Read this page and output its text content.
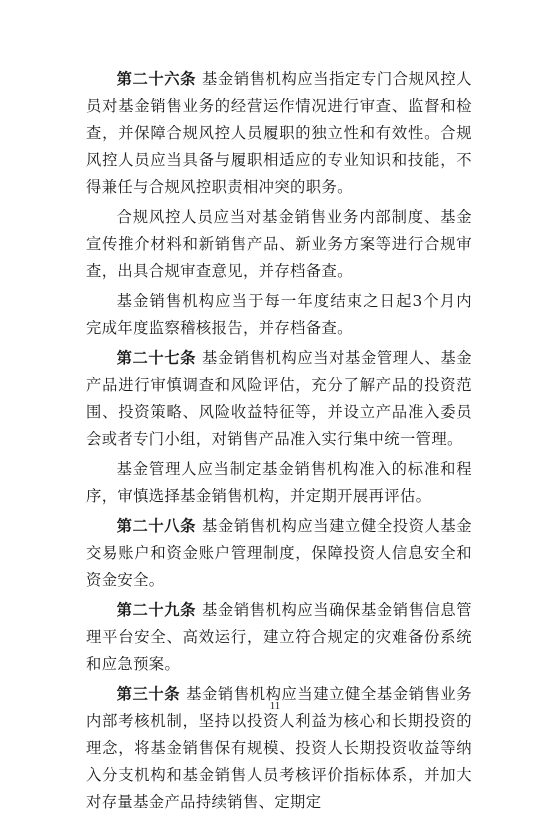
第二十六条 基金销售机构应当指定专门合规风控人员对基金销售业务的经营运作情况进行审查、监督和检查，并保障合规风控人员履职的独立性和有效性。合规风控人员应当具备与履职相适应的专业知识和技能，不得兼任与合规风控职责相冲突的职务。

合规风控人员应当对基金销售业务内部制度、基金宣传推介材料和新销售产品、新业务方案等进行合规审查，出具合规审查意见，并存档备查。

基金销售机构应当于每一年度结束之日起3个月内完成年度监察稽核报告，并存档备查。

第二十七条 基金销售机构应当对基金管理人、基金产品进行审慎调查和风险评估，充分了解产品的投资范围、投资策略、风险收益特征等，并设立产品准入委员会或者专门小组，对销售产品准入实行集中统一管理。

基金管理人应当制定基金销售机构准入的标准和程序，审慎选择基金销售机构，并定期开展再评估。

第二十八条 基金销售机构应当建立健全投资人基金交易账户和资金账户管理制度，保障投资人信息安全和资金安全。

第二十九条 基金销售机构应当确保基金销售信息管理平台安全、高效运行，建立符合规定的灾难备份系统和应急预案。

第三十条 基金销售机构应当建立健全基金销售业务内部考核机制，坚持以投资人利益为核心和长期投资的理念，将基金销售保有规模、投资人长期投资收益等纳入分支机构和基金销售人员考核评价指标体系，并加大对存量基金产品持续销售、定期定

11
